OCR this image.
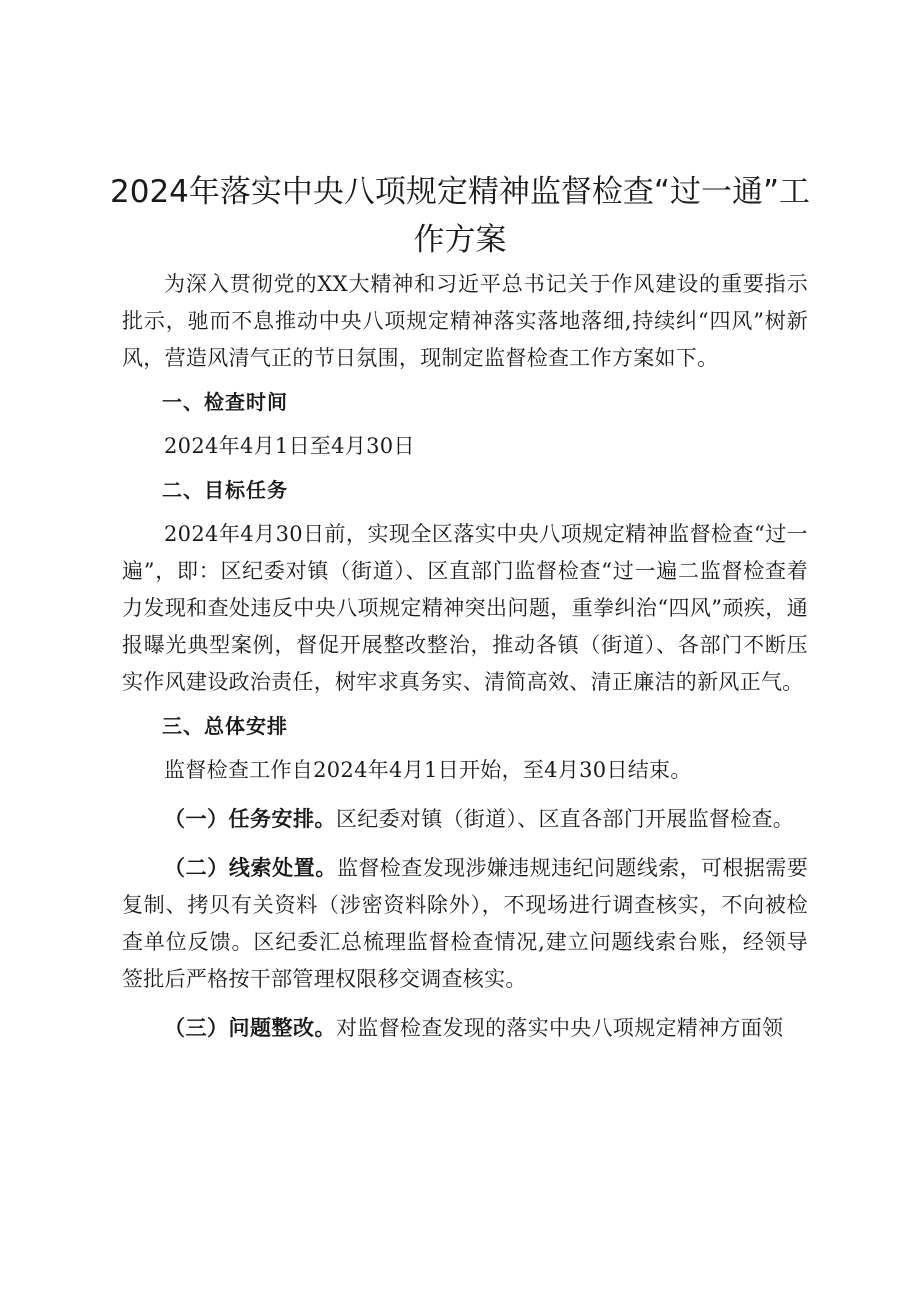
2024年落实中央八项规定精神监督检查“过一通”工作方案

为深入贯彻党的XX大精神和习近平总书记关于作风建设的重要指示批示，驰而不息推动中央八项规定精神落实落地落细,持续纠“四风”树新风，营造风清气正的节日氛围，现制定监督检查工作方案如下。

一、检查时间

2024年4月1日至4月30日

二、目标任务

2024年4月30日前，实现全区落实中央八项规定精神监督检查“过一遍”，即：区纪委对镇（街道）、区直部门监督检查“过一遍二监督检查着力发现和查处违反中央八项规定精神突出问题，重拳纠治“四风”顽疾，通报曝光典型案例，督促开展整改整治，推动各镇（街道）、各部门不断压实作风建设政治责任，树牢求真务实、清简高效、清正廉洁的新风正气。

三、总体安排

监督检查工作自2024年4月1日开始，至4月30日结束。

（一）任务安排。区纪委对镇（街道）、区直各部门开展监督检查。

（二）线索处置。监督检查发现涉嫌违规违纪问题线索，可根据需要复制、拷贝有关资料（涉密资料除外），不现场进行调查核实，不向被检查单位反馈。区纪委汇总梳理监督检查情况,建立问题线索台账，经领导签批后严格按干部管理权限移交调查核实。

（三）问题整改。对监督检查发现的落实中央八项规定精神方面领
